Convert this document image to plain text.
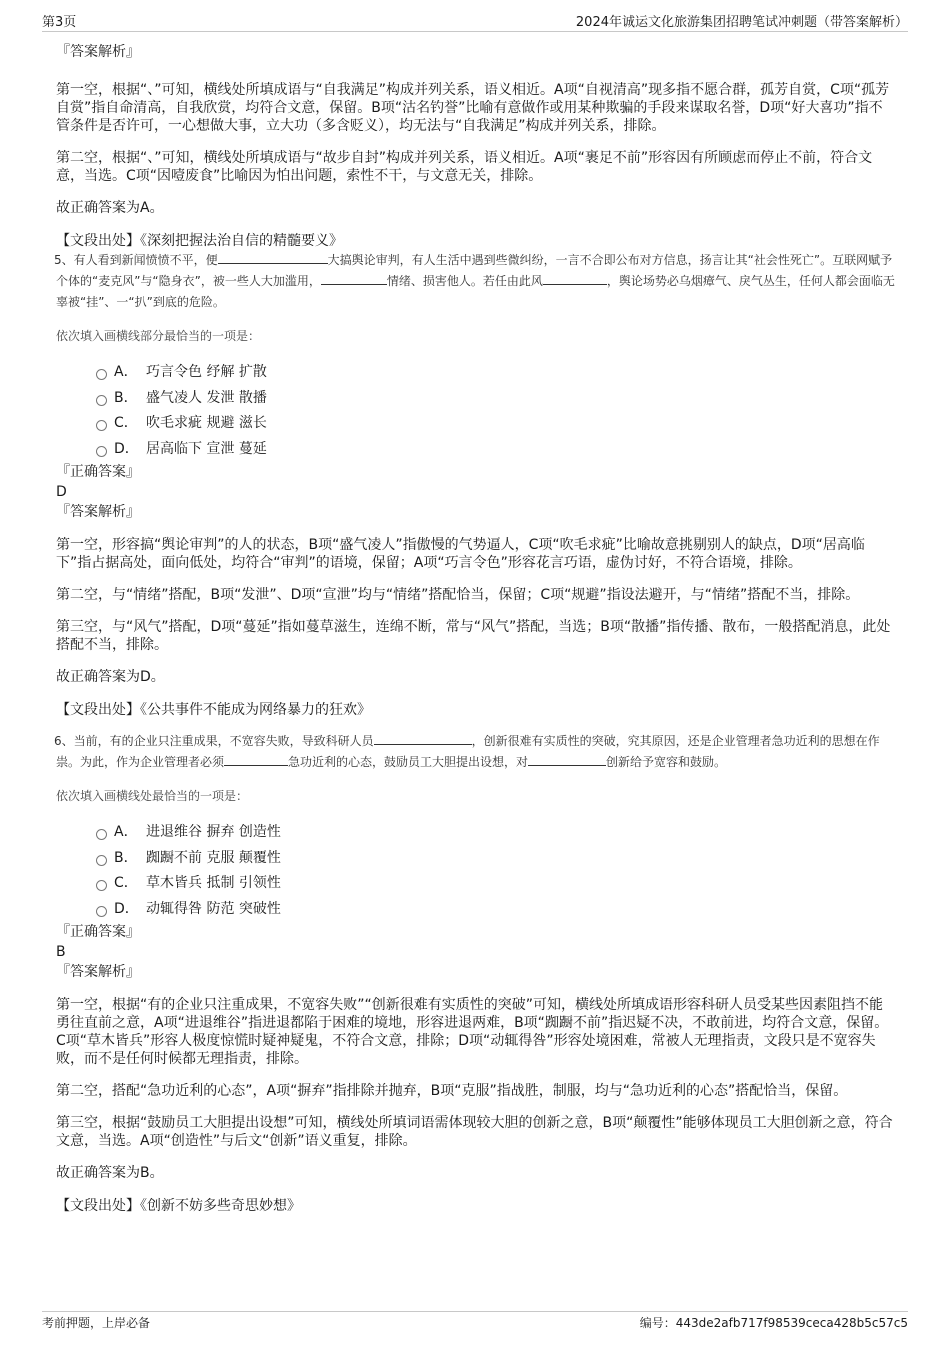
第3页	2024年诚运文化旅游集团招聘笔试冲刺题（带答案解析）

『答案解析』

第一空，根据“、”可知，横线处所填成语与“自我满足”构成并列关系，语义相近。A项“自视清高”现多指不愿合群，孤芳自赏，C项“孤芳自赏”指自命清高，自我欣赏，均符合文意，保留。B项“沽名钓誉”比喻有意做作或用某种欺骗的手段来谋取名誉，D项“好大喜功”指不管条件是否许可，一心想做大事，立大功（多含贬义），均无法与“自我满足”构成并列关系，排除。

第二空，根据“、”可知，横线处所填成语与“故步自封”构成并列关系，语义相近。A项“裹足不前”形容因有所顾虑而停止不前，符合文意，当选。C项“因噎废食”比喻因为怕出问题，索性不干，与文意无关，排除。

故正确答案为A。

【文段出处】《深刻把握法治自信的精髓要义》

5、有人看到新闻愤愤不平，便	大搞舆论审判，有人生活中遇到些微纠纷，一言不合即公布对方信息，扬言让其“社会性死亡”。互联网赋予个体的“麦克风”与“隐身衣”，被一些人大加滥用，	情绪、损害他人。若任由此风	，舆论场势必乌烟瘴气、戾气丛生，任何人都会面临无辜被“挂”、一“扒”到底的危险。

依次填入画横线部分最恰当的一项是：

A． 巧言令色 纾解 扩散
B． 盛气凌人 发泄 散播
C． 吹毛求疵 规避 滋长
D． 居高临下 宣泄 蔓延

『正确答案』

D

『答案解析』

第一空，形容搞“舆论审判”的人的状态，B项“盛气凌人”指傲慢的气势逼人，C项“吹毛求疵”比喻故意挑剔别人的缺点，D项“居高临下”指占据高处，面向低处，均符合“审判”的语境，保留；A项“巧言令色”形容花言巧语，虚伪讨好，不符合语境，排除。

第二空，与“情绪”搭配，B项“发泄”、D项“宣泄”均与“情绪”搭配恰当，保留；C项“规避”指设法避开，与“情绪”搭配不当，排除。

第三空，与“风气”搭配，D项“蔓延”指如蔓草滋生，连绵不断，常与“风气”搭配，当选；B项“散播”指传播、散布，一般搭配消息，此处搭配不当，排除。

故正确答案为D。

【文段出处】《公共事件不能成为网络暴力的狂欢》

6、当前，有的企业只注重成果，不宽容失败，导致科研人员	，创新很难有实质性的突破，究其原因，还是企业管理者急功近利的思想在作祟。为此，作为企业管理者必须	急功近利的心态，鼓励员工大胆提出设想，对	创新给予宽容和鼓励。

依次填入画横线处最恰当的一项是：

A． 进退维谷 摒弃 创造性
B． 踟蹰不前 克服 颠覆性
C． 草木皆兵 抵制 引领性
D． 动辄得咎 防范 突破性

『正确答案』

B

『答案解析』

第一空，根据“有的企业只注重成果，不宽容失败”“创新很难有实质性的突破”可知，横线处所填成语形容科研人员受某些因素阻挡不能勇往直前之意，A项“进退维谷”指进退都陷于困难的境地，形容进退两难，B项“踟蹰不前”指迟疑不决，不敢前进，均符合文意，保留。C项“草木皆兵”形容人极度惊慌时疑神疑鬼，不符合文意，排除；D项“动辄得咎”形容处境困难，常被人无理指责，文段只是不宽容失败，而不是任何时候都无理指责，排除。

第二空，搭配“急功近利的心态”，A项“摒弃”指排除并抛弃，B项“克服”指战胜，制服，均与“急功近利的心态”搭配恰当，保留。

第三空，根据“鼓励员工大胆提出设想”可知，横线处所填词语需体现较大胆的创新之意，B项“颠覆性”能够体现员工大胆创新之意，符合文意，当选。A项“创造性”与后文“创新”语义重复，排除。

故正确答案为B。

【文段出处】《创新不妨多些奇思妙想》

考前押题，上岸必备	编号：443de2afb717f98539ceca428b5c57c5
